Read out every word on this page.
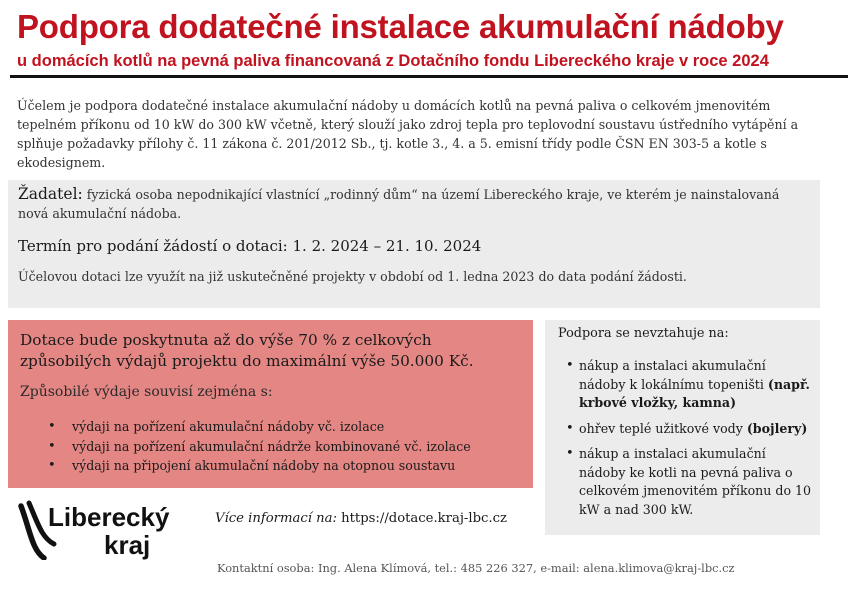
Podpora dodatečné instalace akumulační nádoby

u domácích kotlů na pevná paliva financovaná z Dotačního fondu Libereckého kraje v roce 2024

Účelem je podpora dodatečné instalace akumulační nádoby u domácích kotlů na pevná paliva o celkovém jmenovitém tepelném příkonu od 10 kW do 300 kW včetně, který slouží jako zdroj tepla pro teplovodní soustavu ústředního vytápění a splňuje požadavky přílohy č. 11 zákona č. 201/2012 Sb., tj. kotle 3., 4. a 5. emisní třídy podle ČSN EN 303-5 a kotle s ekodesignem.

Žadatel: fyzická osoba nepodnikající vlastnící „rodinný dům“ na území Libereckého kraje, ve kterém je nainstalovaná nová akumulační nádoba.

Termín pro podání žádostí o dotaci: 1. 2. 2024 – 21. 10. 2024

Účelovou dotaci lze využít na již uskutečněné projekty v období od 1. ledna 2023 do data podání žádosti.

Dotace bude poskytnuta až do výše 70 % z celkových způsobilých výdajů projektu do maximální výše 50.000 Kč.

Způsobilé výdaje souvisí zejména s:

• výdaji na pořízení akumulační nádoby vč. izolace
• výdaji na pořízení akumulační nádrže kombinované vč. izolace
• výdaji na připojení akumulační nádoby na otopnou soustavu

Podpora se nevztahuje na:

• nákup a instalaci akumulační nádoby k lokálnímu topeništi (např. krbové vložky, kamna)
• ohřev teplé užitkové vody (bojlery)
• nákup a instalaci akumulační nádoby ke kotli na pevná paliva o celkovém jmenovitém příkonu do 10 kW a nad 300 kW.
Liberecký
kraj

Více informací na: https://dotace.kraj-lbc.cz

Kontaktní osoba: Ing. Alena Klímová, tel.: 485 226 327, e-mail: alena.klimova@kraj-lbc.cz
